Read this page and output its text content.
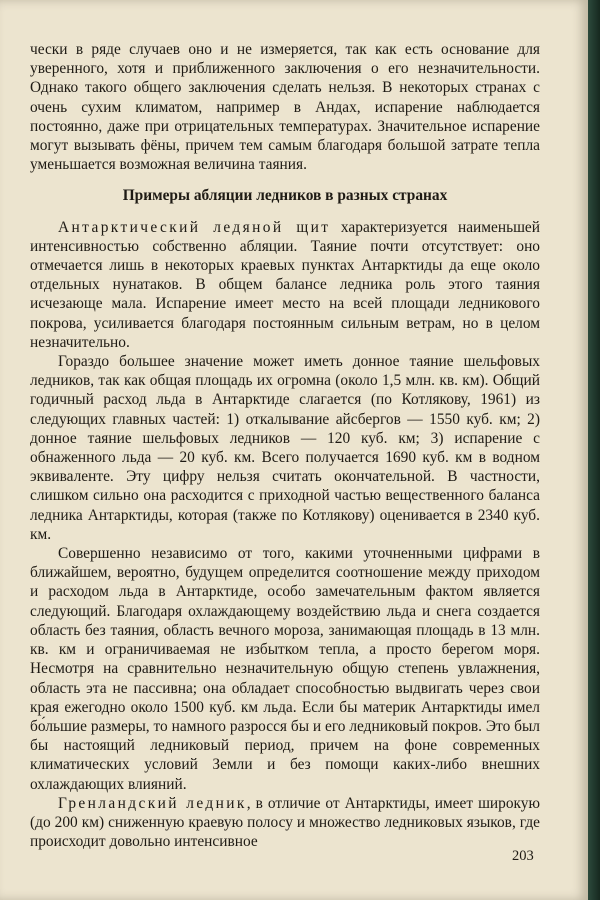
чески в ряде случаев оно и не измеряется, так как есть основание для уверенного, хотя и приближенного заключения о его незначительности. Однако такого общего заключения сделать нельзя. В некоторых странах с очень сухим климатом, например в Андах, испарение наблюдается постоянно, даже при отрицательных температурах. Значительное испарение могут вызывать фёны, причем тем самым благодаря большой затрате тепла уменьшается возможная величина таяния.

Примеры абляции ледников в разных странах

Антарктический ледяной щит характеризуется наименьшей интенсивностью собственно абляции. Таяние почти отсутствует: оно отмечается лишь в некоторых краевых пунктах Антарктиды да еще около отдельных нунатаков. В общем балансе ледника роль этого таяния исчезающе мала. Испарение имеет место на всей площади ледникового покрова, усиливается благодаря постоянным сильным ветрам, но в целом незначительно.

Гораздо большее значение может иметь донное таяние шельфовых ледников, так как общая площадь их огромна (около 1,5 млн. кв. км). Общий годичный расход льда в Антарктиде слагается (по Котлякову, 1961) из следующих главных частей: 1) откалывание айсбергов — 1550 куб. км; 2) донное таяние шельфовых ледников — 120 куб. км; 3) испарение с обнаженного льда — 20 куб. км. Всего получается 1690 куб. км в водном эквиваленте. Эту цифру нельзя считать окончательной. В частности, слишком сильно она расходится с приходной частью вещественного баланса ледника Антарктиды, которая (также по Котлякову) оценивается в 2340 куб. км.

Совершенно независимо от того, какими уточненными цифрами в ближайшем, вероятно, будущем определится соотношение между приходом и расходом льда в Антарктиде, особо замечательным фактом является следующий. Благодаря охлаждающему воздействию льда и снега создается область без таяния, область вечного мороза, занимающая площадь в 13 млн. кв. км и ограничиваемая не избытком тепла, а просто берегом моря. Несмотря на сравнительно незначительную общую степень увлажнения, область эта не пассивна; она обладает способностью выдвигать через свои края ежегодно около 1500 куб. км льда. Если бы материк Антарктиды имел бо́льшие размеры, то намного разросся бы и его ледниковый покров. Это был бы настоящий ледниковый период, причем на фоне современных климатических условий Земли и без помощи каких-либо внешних охлаждающих влияний.

Гренландский ледник, в отличие от Антарктиды, имеет широкую (до 200 км) сниженную краевую полосу и множество ледниковых языков, где происходит довольно интенсивное

203
